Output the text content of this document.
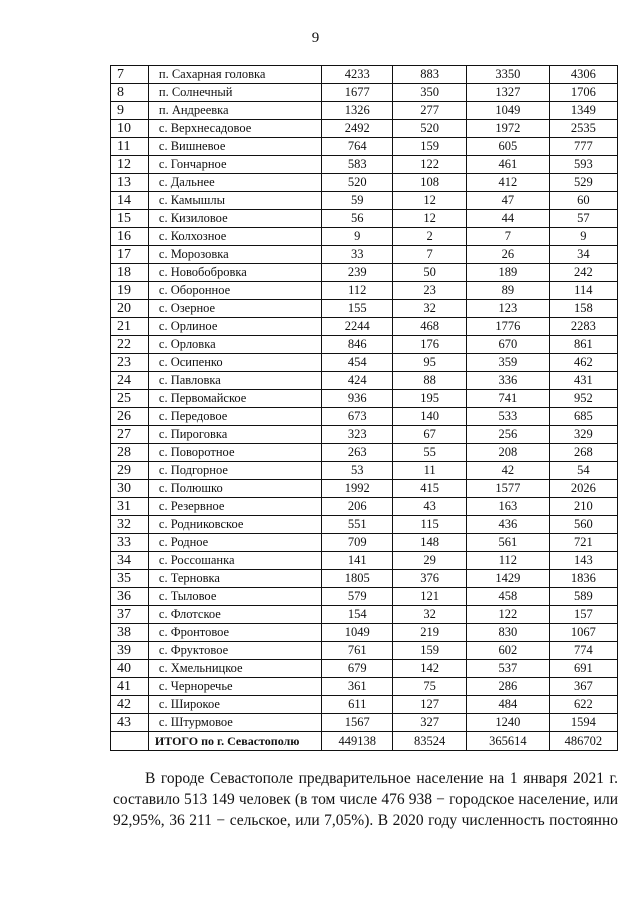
9
7	п. Сахарная головка	4233	883	3350	4306
8	п. Солнечный	1677	350	1327	1706
9	п. Андреевка	1326	277	1049	1349
10	с. Верхнесадовое	2492	520	1972	2535
11	с. Вишневое	764	159	605	777
12	с. Гончарное	583	122	461	593
13	с. Дальнее	520	108	412	529
14	с. Камышлы	59	12	47	60
15	с. Кизиловое	56	12	44	57
16	с. Колхозное	9	2	7	9
17	с. Морозовка	33	7	26	34
18	с. Новобобровка	239	50	189	242
19	с. Оборонное	112	23	89	114
20	с. Озерное	155	32	123	158
21	с. Орлиное	2244	468	1776	2283
22	с. Орловка	846	176	670	861
23	с. Осипенко	454	95	359	462
24	с. Павловка	424	88	336	431
25	с. Первомайское	936	195	741	952
26	с. Передовое	673	140	533	685
27	с. Пироговка	323	67	256	329
28	с. Поворотное	263	55	208	268
29	с. Подгорное	53	11	42	54
30	с. Полюшко	1992	415	1577	2026
31	с. Резервное	206	43	163	210
32	с. Родниковское	551	115	436	560
33	с. Родное	709	148	561	721
34	с. Россошанка	141	29	112	143
35	с. Терновка	1805	376	1429	1836
36	с. Тыловое	579	121	458	589
37	с. Флотское	154	32	122	157
38	с. Фронтовое	1049	219	830	1067
39	с. Фруктовое	761	159	602	774
40	с. Хмельницкое	679	142	537	691
41	с. Черноречье	361	75	286	367
42	с. Широкое	611	127	484	622
43	с. Штурмовое	1567	327	1240	1594
	ИТОГО по г. Севастополю	449138	83524	365614	486702
В городе Севастополе предварительное население на 1 января 2021 г.
составило 513 149 человек (в том числе 476 938 − городское население, или
92,95%, 36 211 − сельское, или 7,05%). В 2020 году численность постоянно
